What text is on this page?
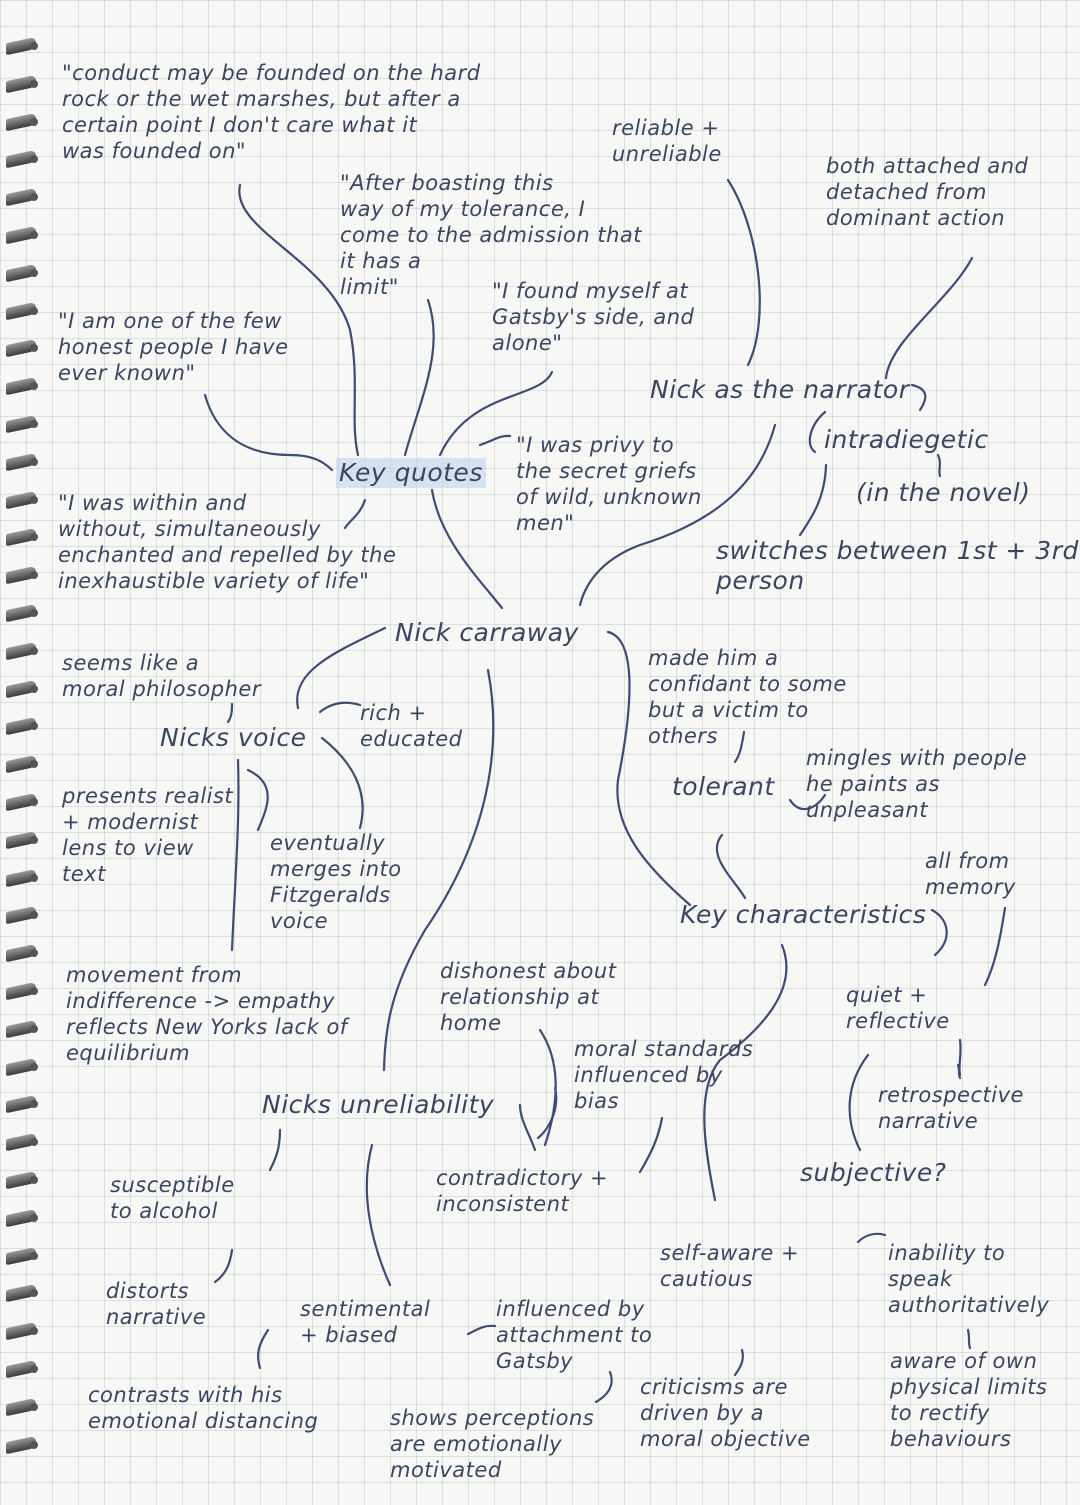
"conduct may be founded on the hard
rock or the wet marshes, but after a
certain point I don't care what it
was founded on"
"After boasting this
way of my tolerance, I
come to the admission that
it has a
limit"
reliable +
unreliable	both attached and
detached from
dominant action
"I found myself at
Gatsby's side, and
alone"
"I am one of the few
honest people I have
ever known"
Nick as the narrator
intradiegetic
(in the novel)
"I was privy to
the secret griefs
of wild, unknown
men"
Key quotes
"I was within and
without, simultaneously
enchanted and repelled by the
inexhaustible variety of life"
switches between 1st + 3rd
person
Nick carraway
seems like a
moral philosopher
made him a
confidant to some
but a victim to
others
rich +
educated
Nicks voice
mingles with people
he paints as
unpleasant
tolerant
presents realist
+ modernist
lens to view
text
eventually
merges into
Fitzgeralds
voice
all from
memory
Key characteristics
movement from
indifference -> empathy
reflects New Yorks lack of
equilibrium
dishonest about
relationship at
home
quiet +
reflective
moral standards
influenced by
bias	retrospective
narrative
Nicks unreliability
subjective?
contradictory +
inconsistent
susceptible
to alcohol
self-aware +
cautious
inability to
speak
authoritatively
distorts
narrative	sentimental
+ biased
influenced by
attachment to
Gatsby	aware of own
physical limits
to rectify
behaviours
criticisms are
driven by a
moral objective
contrasts with his
emotional distancing	shows perceptions
are emotionally
motivated
